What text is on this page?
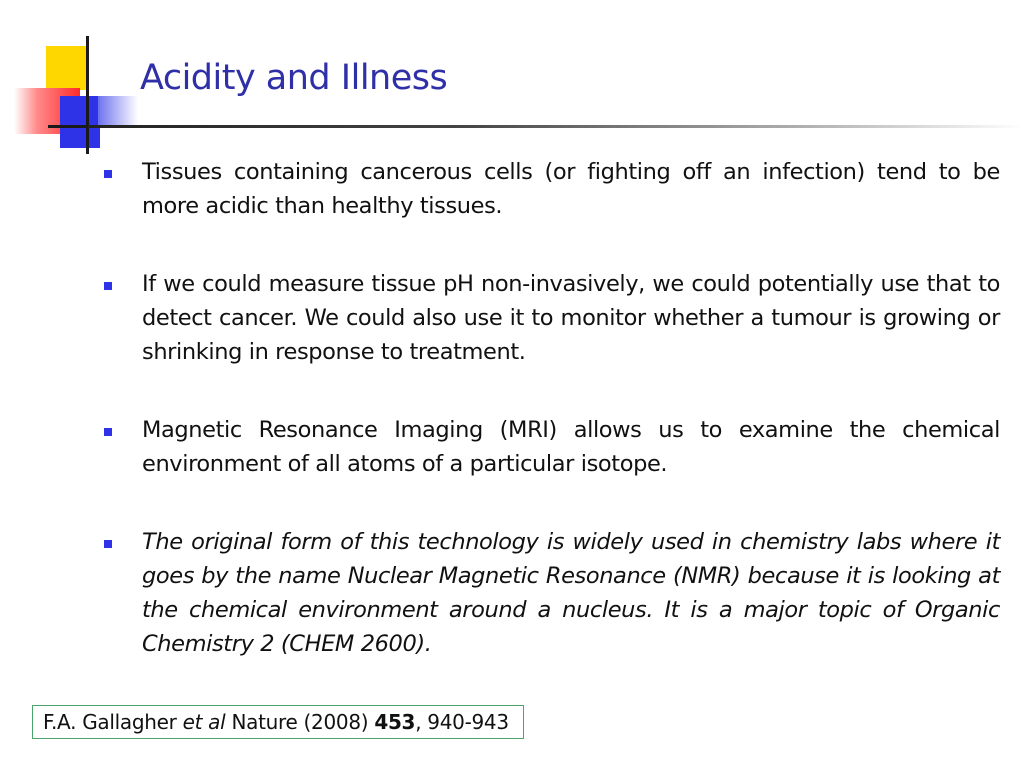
Acidity and Illness
Tissues containing cancerous cells (or fighting off an infection) tend to be more acidic than healthy tissues.
If we could measure tissue pH non-invasively, we could potentially use that to detect cancer. We could also use it to monitor whether a tumour is growing or shrinking in response to treatment.
Magnetic Resonance Imaging (MRI) allows us to examine the chemical environment of all atoms of a particular isotope.
The original form of this technology is widely used in chemistry labs where it goes by the name Nuclear Magnetic Resonance (NMR) because it is looking at the chemical environment around a nucleus. It is a major topic of Organic Chemistry 2 (CHEM 2600).
F.A. Gallagher et al Nature (2008) 453, 940-943
